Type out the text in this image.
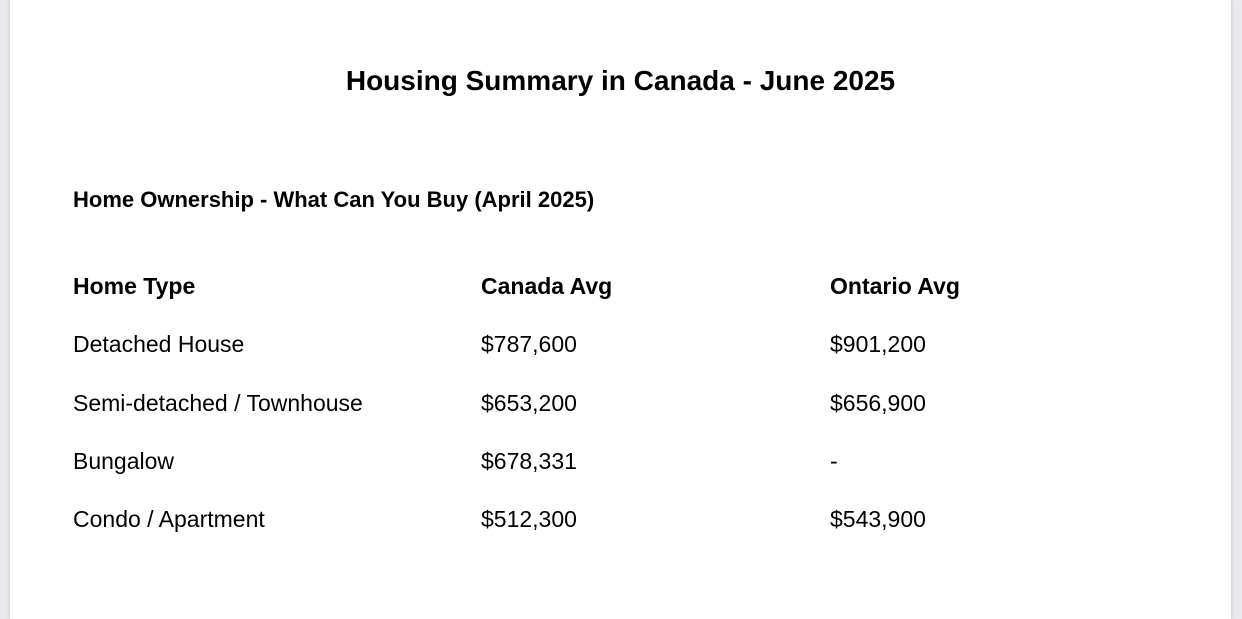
Housing Summary in Canada - June 2025
Home Ownership - What Can You Buy (April 2025)
Home Type	Canada Avg	Ontario Avg
Detached House	$787,600	$901,200
Semi-detached / Townhouse	$653,200	$656,900
Bungalow	$678,331	-
Condo / Apartment	$512,300	$543,900
